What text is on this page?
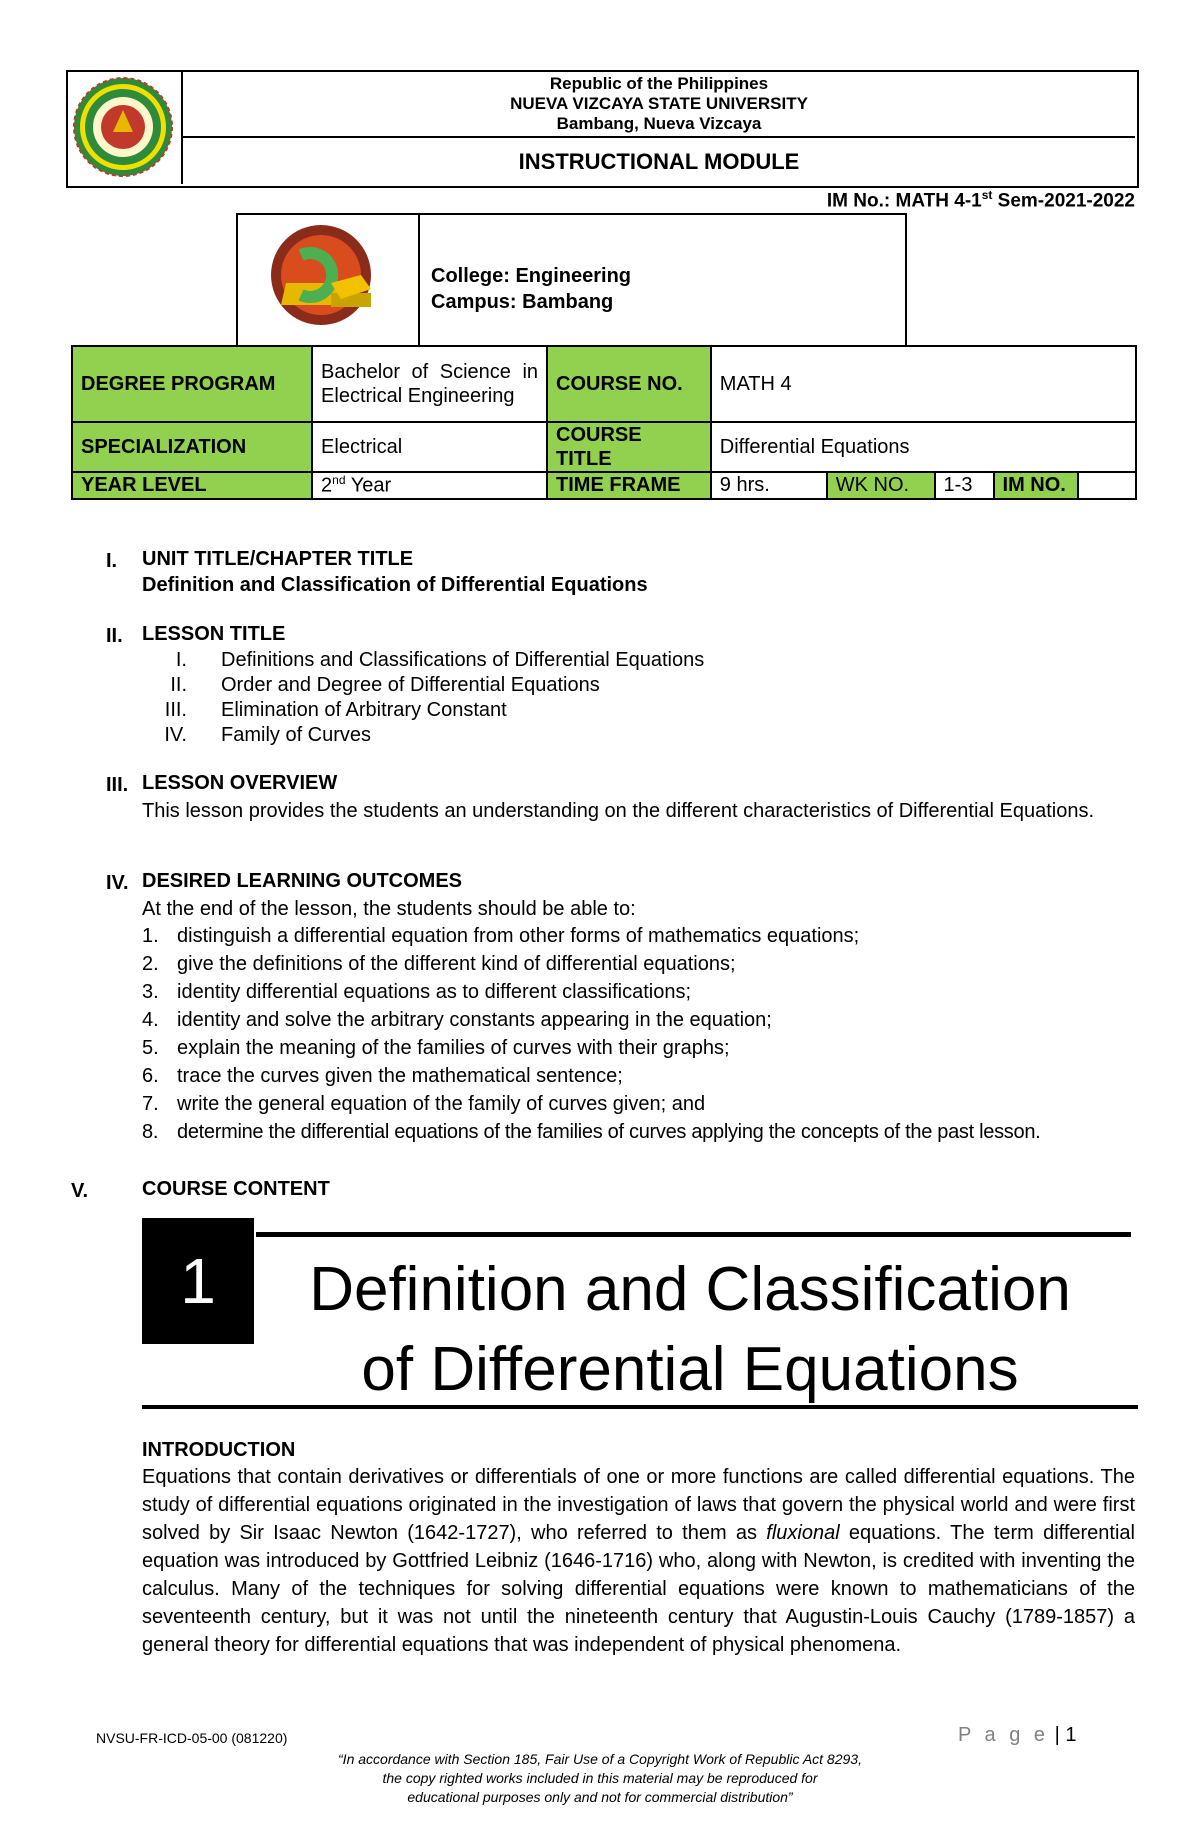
Republic of the Philippines
NUEVA VIZCAYA STATE UNIVERSITY
Bambang, Nueva Vizcaya
INSTRUCTIONAL MODULE
IM No.: MATH 4-1st Sem-2021-2022
College: Engineering
Campus: Bambang
DEGREE PROGRAM	Bachelor of Science in Electrical Engineering	COURSE NO.	MATH 4				
SPECIALIZATION	Electrical	COURSE TITLE	Differential Equations				
YEAR LEVEL	2nd Year	TIME FRAME	9 hrs.	WK NO.	1-3	IM NO.	
I. UNIT TITLE/CHAPTER TITLE
Definition and Classification of Differential Equations
II. LESSON TITLE
I. Definitions and Classifications of Differential Equations
II. Order and Degree of Differential Equations
III. Elimination of Arbitrary Constant
IV. Family of Curves
III. LESSON OVERVIEW
This lesson provides the students an understanding on the different characteristics of Differential Equations.
IV. DESIRED LEARNING OUTCOMES
At the end of the lesson, the students should be able to:
1. distinguish a differential equation from other forms of mathematics equations;
2. give the definitions of the different kind of differential equations;
3. identity differential equations as to different classifications;
4. identity and solve the arbitrary constants appearing in the equation;
5. explain the meaning of the families of curves with their graphs;
6. trace the curves given the mathematical sentence;
7. write the general equation of the family of curves given; and
8. determine the differential equations of the families of curves applying the concepts of the past lesson.
V.	COURSE CONTENT
1	Definition and Classification
of Differential Equations
INTRODUCTION
Equations that contain derivatives or differentials of one or more functions are called differential equations. The study of differential equations originated in the investigation of laws that govern the physical world and were first solved by Sir Isaac Newton (1642-1727), who referred to them as fluxional equations. The term differential equation was introduced by Gottfried Leibniz (1646-1716) who, along with Newton, is credited with inventing the calculus. Many of the techniques for solving differential equations were known to mathematicians of the seventeenth century, but it was not until the nineteenth century that Augustin-Louis Cauchy (1789-1857) a general theory for differential equations that was independent of physical phenomena.
NVSU-FR-ICD-05-00 (081220)	P a g e | 1
“In accordance with Section 185, Fair Use of a Copyright Work of Republic Act 8293,
the copy righted works included in this material may be reproduced for
educational purposes only and not for commercial distribution”
